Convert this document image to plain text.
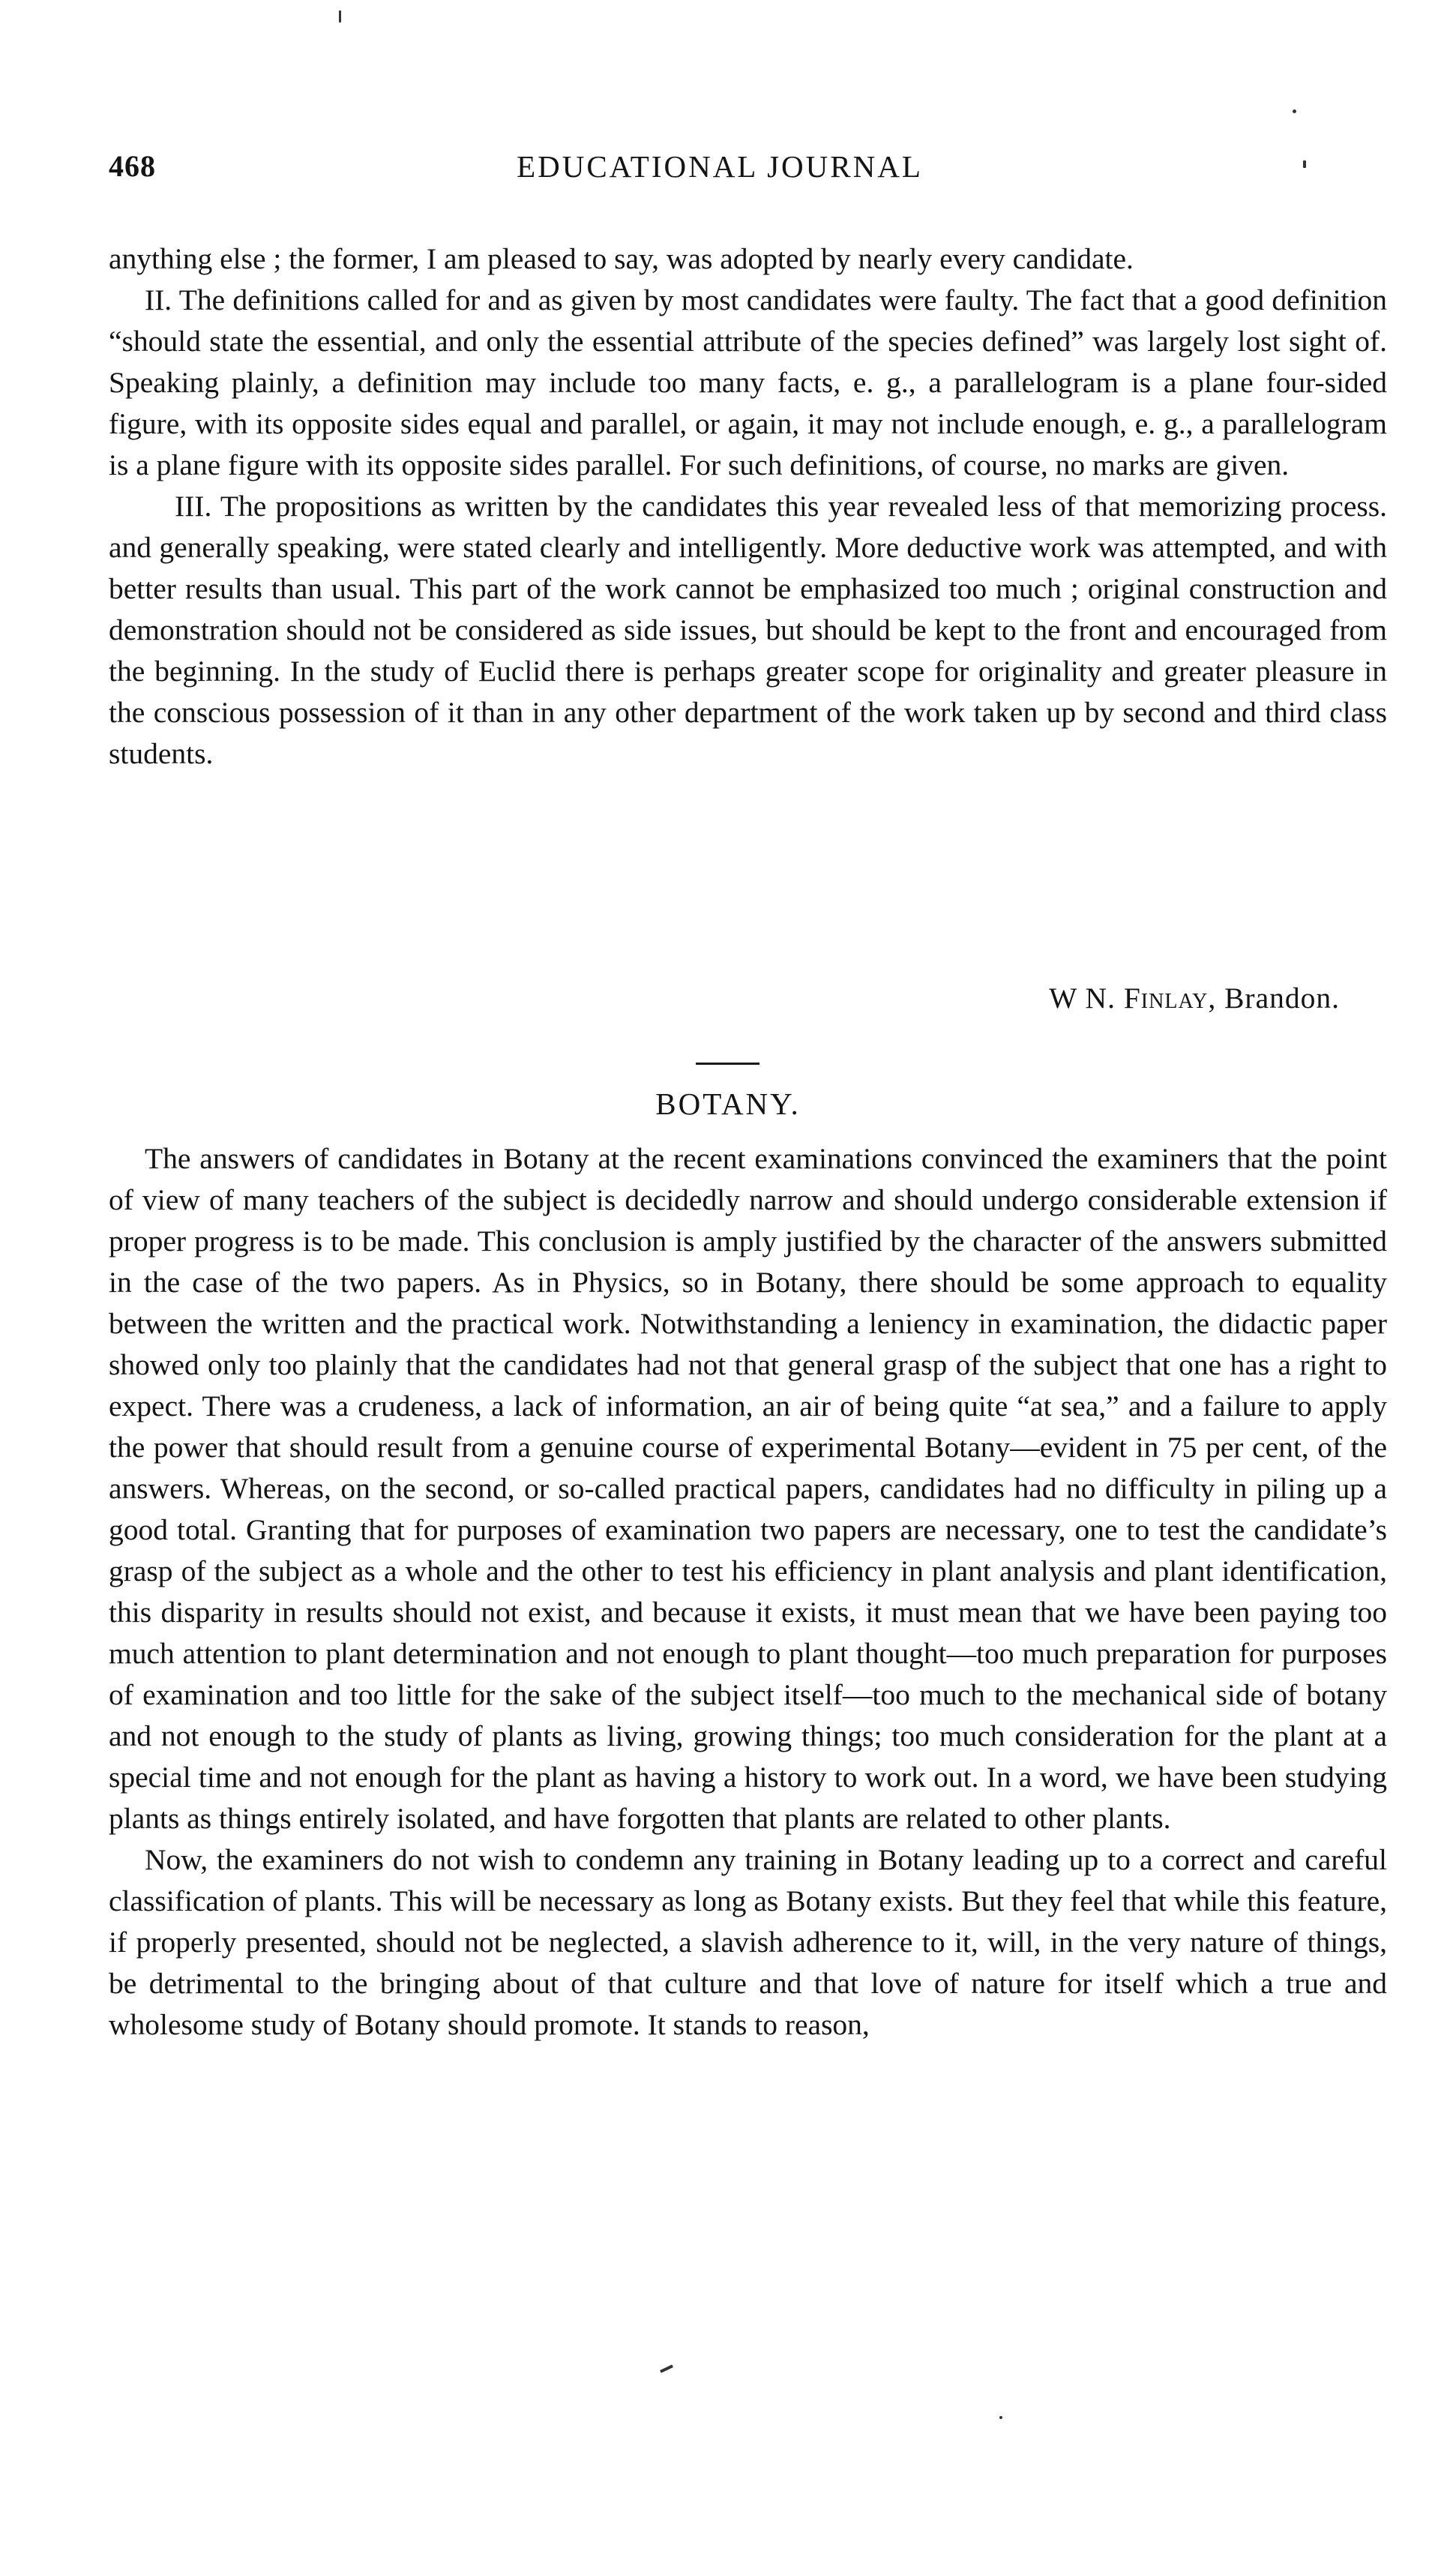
468	EDUCATIONAL JOURNAL

anything else ; the former, I am pleased to say, was adopted by nearly every candidate.

II. The definitions called for and as given by most candidates were faulty. The fact that a good definition “should state the essential, and only the essential attribute of the species defined” was largely lost sight of. Speaking plainly, a definition may include too many facts, e. g., a parallelogram is a plane four-sided figure, with its opposite sides equal and parallel, or again, it may not include enough, e. g., a parallelogram is a plane figure with its opposite sides parallel. For such definitions, of course, no marks are given.

III. The propositions as written by the candidates this year revealed less of that memorizing process. and generally speaking, were stated clearly and intelligently. More deductive work was attempted, and with better results than usual. This part of the work cannot be emphasized too much ; original construction and demonstration should not be considered as side issues, but should be kept to the front and encouraged from the beginning. In the study of Euclid there is perhaps greater scope for originality and greater pleasure in the conscious possession of it than in any other department of the work taken up by second and third class students.

W N. Finlay, Brandon.
BOTANY.

The answers of candidates in Botany at the recent examinations convinced the examiners that the point of view of many teachers of the subject is decidedly narrow and should undergo considerable extension if proper progress is to be made. This conclusion is amply justified by the character of the answers submitted in the case of the two papers. As in Physics, so in Botany, there should be some approach to equality between the written and the practical work. Notwithstanding a leniency in examination, the didactic paper showed only too plainly that the candidates had not that general grasp of the subject that one has a right to expect. There was a crudeness, a lack of information, an air of being quite “at sea,” and a failure to apply the power that should result from a genuine course of experimental Botany—evident in 75 per cent, of the answers. Whereas, on the second, or so-called practical papers, candidates had no difficulty in piling up a good total. Granting that for purposes of examination two papers are necessary, one to test the candidate’s grasp of the subject as a whole and the other to test his efficiency in plant analysis and plant identification, this disparity in results should not exist, and because it exists, it must mean that we have been paying too much attention to plant determination and not enough to plant thought—too much preparation for purposes of examination and too little for the sake of the subject itself—too much to the mechanical side of botany and not enough to the study of plants as living, growing things; too much consideration for the plant at a special time and not enough for the plant as having a history to work out. In a word, we have been studying plants as things entirely isolated, and have forgotten that plants are related to other plants.

Now, the examiners do not wish to condemn any training in Botany leading up to a correct and careful classification of plants. This will be necessary as long as Botany exists. But they feel that while this feature, if properly presented, should not be neglected, a slavish adherence to it, will, in the very nature of things, be detrimental to the bringing about of that culture and that love of nature for itself which a true and wholesome study of Botany should promote. It stands to reason,
